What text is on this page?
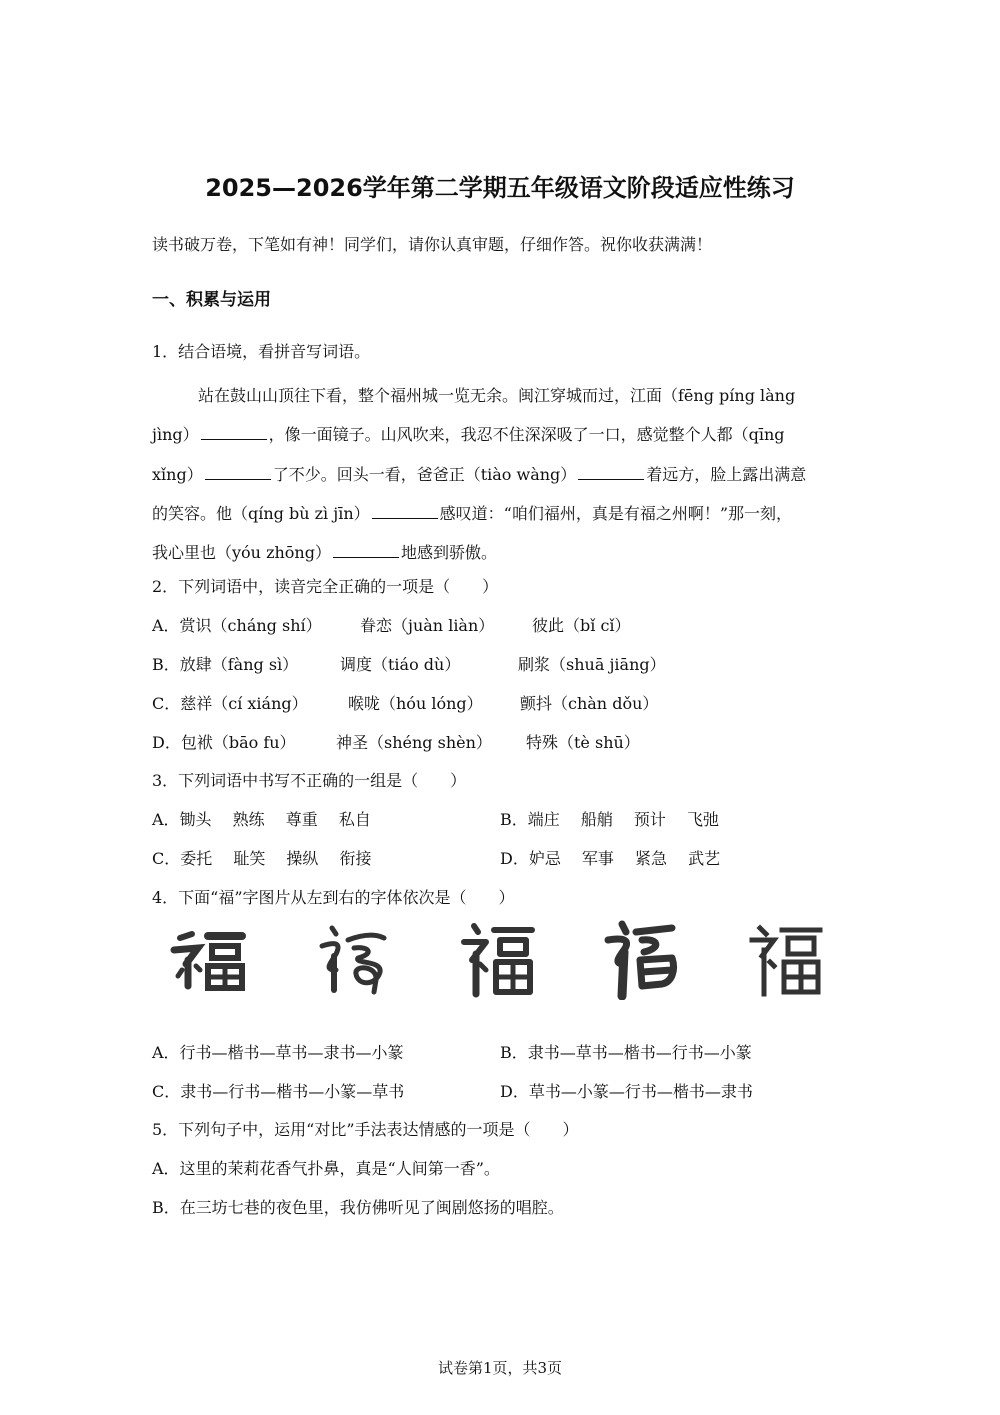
2025—2026学年第二学期五年级语文阶段适应性练习
读书破万卷，下笔如有神！同学们，请你认真审题，仔细作答。祝你收获满满！
一、积累与运用
1．结合语境，看拼音写词语。

站在鼓山山顶往下看，整个福州城一览无余。闽江穿城而过，江面（fēng píng làng

jìng）	，像一面镜子。山风吹来，我忍不住深深吸了一口，感觉整个人都（qīng

xǐng）	了不少。回头一看，爸爸正（tiào wàng）	着远方，脸上露出满意

的笑容。他（qíng bù zì jīn）	感叹道：“咱们福州，真是有福之州啊！”那一刻，

我心里也（yóu zhōng）	地感到骄傲。

2．下列词语中，读音完全正确的一项是（　　）
A．赏识（cháng shí） 眷恋（juàn liàn） 彼此（bǐ cǐ）
B．放肆（fàng sì）	调度（tiáo dù）	刷浆（shuā jiāng）
C．慈祥（cí xiáng）	喉咙（hóu lóng） 颤抖（chàn dǒu）
D．包袱（bāo fu）	神圣（shéng shèn） 特殊（tè shū）
3．下列词语中书写不正确的一组是（　　）
A．锄头　 熟练　 尊重　 私自	B．端庄　 船艄　 预计　 飞弛
C．委托　 耻笑　 操纵　 衔接	D．妒忌　 军事　 紧急　 武艺
4．下面“福”字图片从左到右的字体依次是（　　）
A．行书—楷书—草书—隶书—小篆	B．隶书—草书—楷书—行书—小篆
C．隶书—行书—楷书—小篆—草书	D．草书—小篆—行书—楷书—隶书
5．下列句子中，运用“对比”手法表达情感的一项是（　　）
A．这里的茉莉花香气扑鼻，真是“人间第一香”。
B．在三坊七巷的夜色里，我仿佛听见了闽剧悠扬的唱腔。
试卷第1页，共3页
